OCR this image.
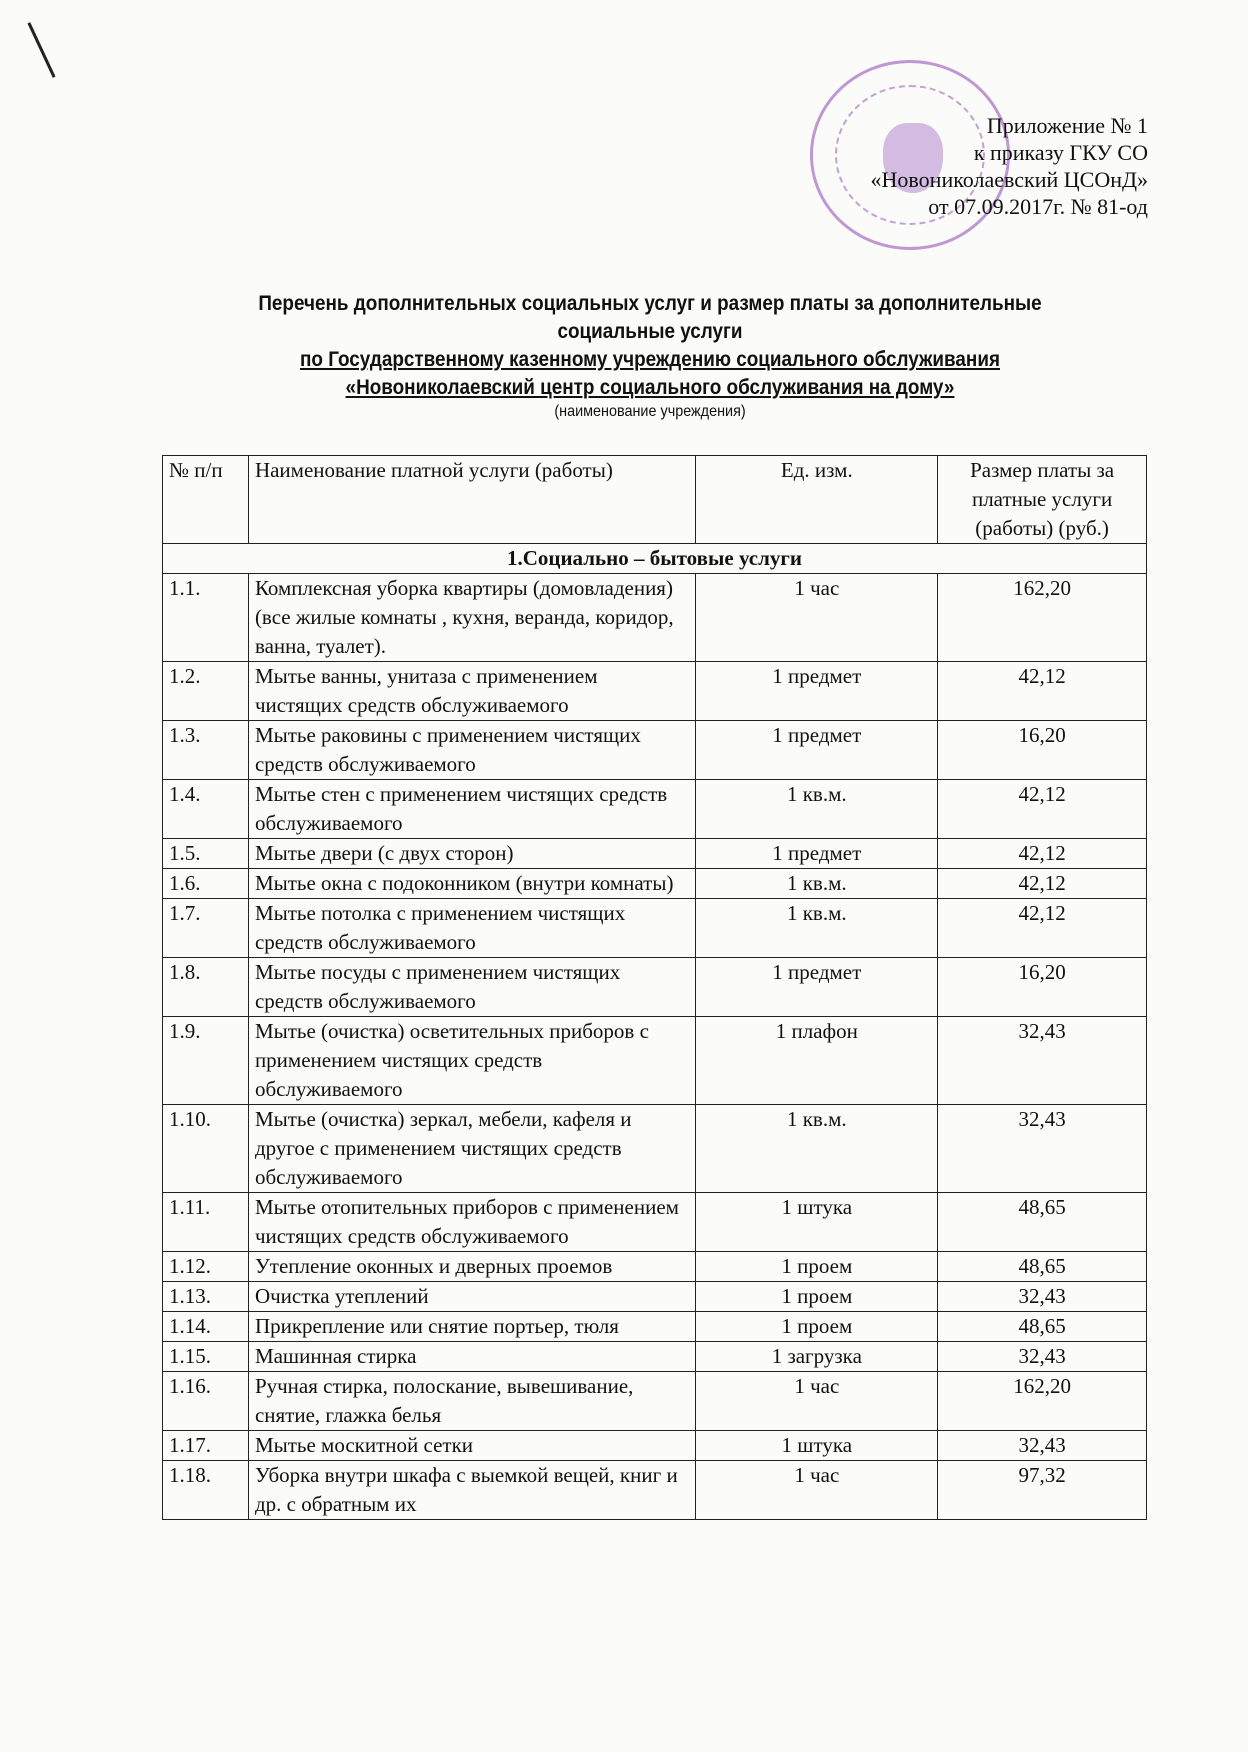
Приложение № 1
к приказу ГКУ СО
«Новониколаевский ЦСОнД»
от 07.09.2017г. № 81-од
Перечень дополнительных социальных услуг и размер платы за дополнительные социальные услуги
по Государственному казенному учреждению социального обслуживания
«Новониколаевский центр социального обслуживания на дому»
(наименование учреждения)
№ п/п	Наименование платной услуги (работы)	Ед. изм.	Размер платы за платные услуги (работы) (руб.)
1.Социально – бытовые услуги			
1.1.	Комплексная уборка квартиры (домовладения) (все жилые комнаты , кухня, веранда, коридор, ванна, туалет).	1 час	162,20
1.2.	Мытье ванны, унитаза с применением чистящих средств обслуживаемого	1 предмет	42,12
1.3.	Мытье раковины с применением чистящих средств обслуживаемого	1 предмет	16,20
1.4.	Мытье стен с применением чистящих средств обслуживаемого	1 кв.м.	42,12
1.5.	Мытье двери (с двух сторон)	1 предмет	42,12
1.6.	Мытье окна с подоконником (внутри комнаты)	1 кв.м.	42,12
1.7.	Мытье потолка с применением чистящих средств обслуживаемого	1 кв.м.	42,12
1.8.	Мытье посуды с применением чистящих средств обслуживаемого	1 предмет	16,20
1.9.	Мытье (очистка) осветительных приборов с применением чистящих средств обслуживаемого	1 плафон	32,43
1.10.	Мытье (очистка) зеркал, мебели, кафеля и другое с применением чистящих средств обслуживаемого	1 кв.м.	32,43
1.11.	Мытье отопительных приборов с применением чистящих средств обслуживаемого	1 штука	48,65
1.12.	Утепление оконных и дверных проемов	1 проем	48,65
1.13.	Очистка утеплений	1 проем	32,43
1.14.	Прикрепление или снятие портьер, тюля	1 проем	48,65
1.15.	Машинная стирка	1 загрузка	32,43
1.16.	Ручная стирка, полоскание, вывешивание, снятие, глажка белья	1 час	162,20
1.17.	Мытье москитной сетки	1 штука	32,43
1.18.	Уборка внутри шкафа с выемкой вещей, книг и др. с обратным их	1 час	97,32
